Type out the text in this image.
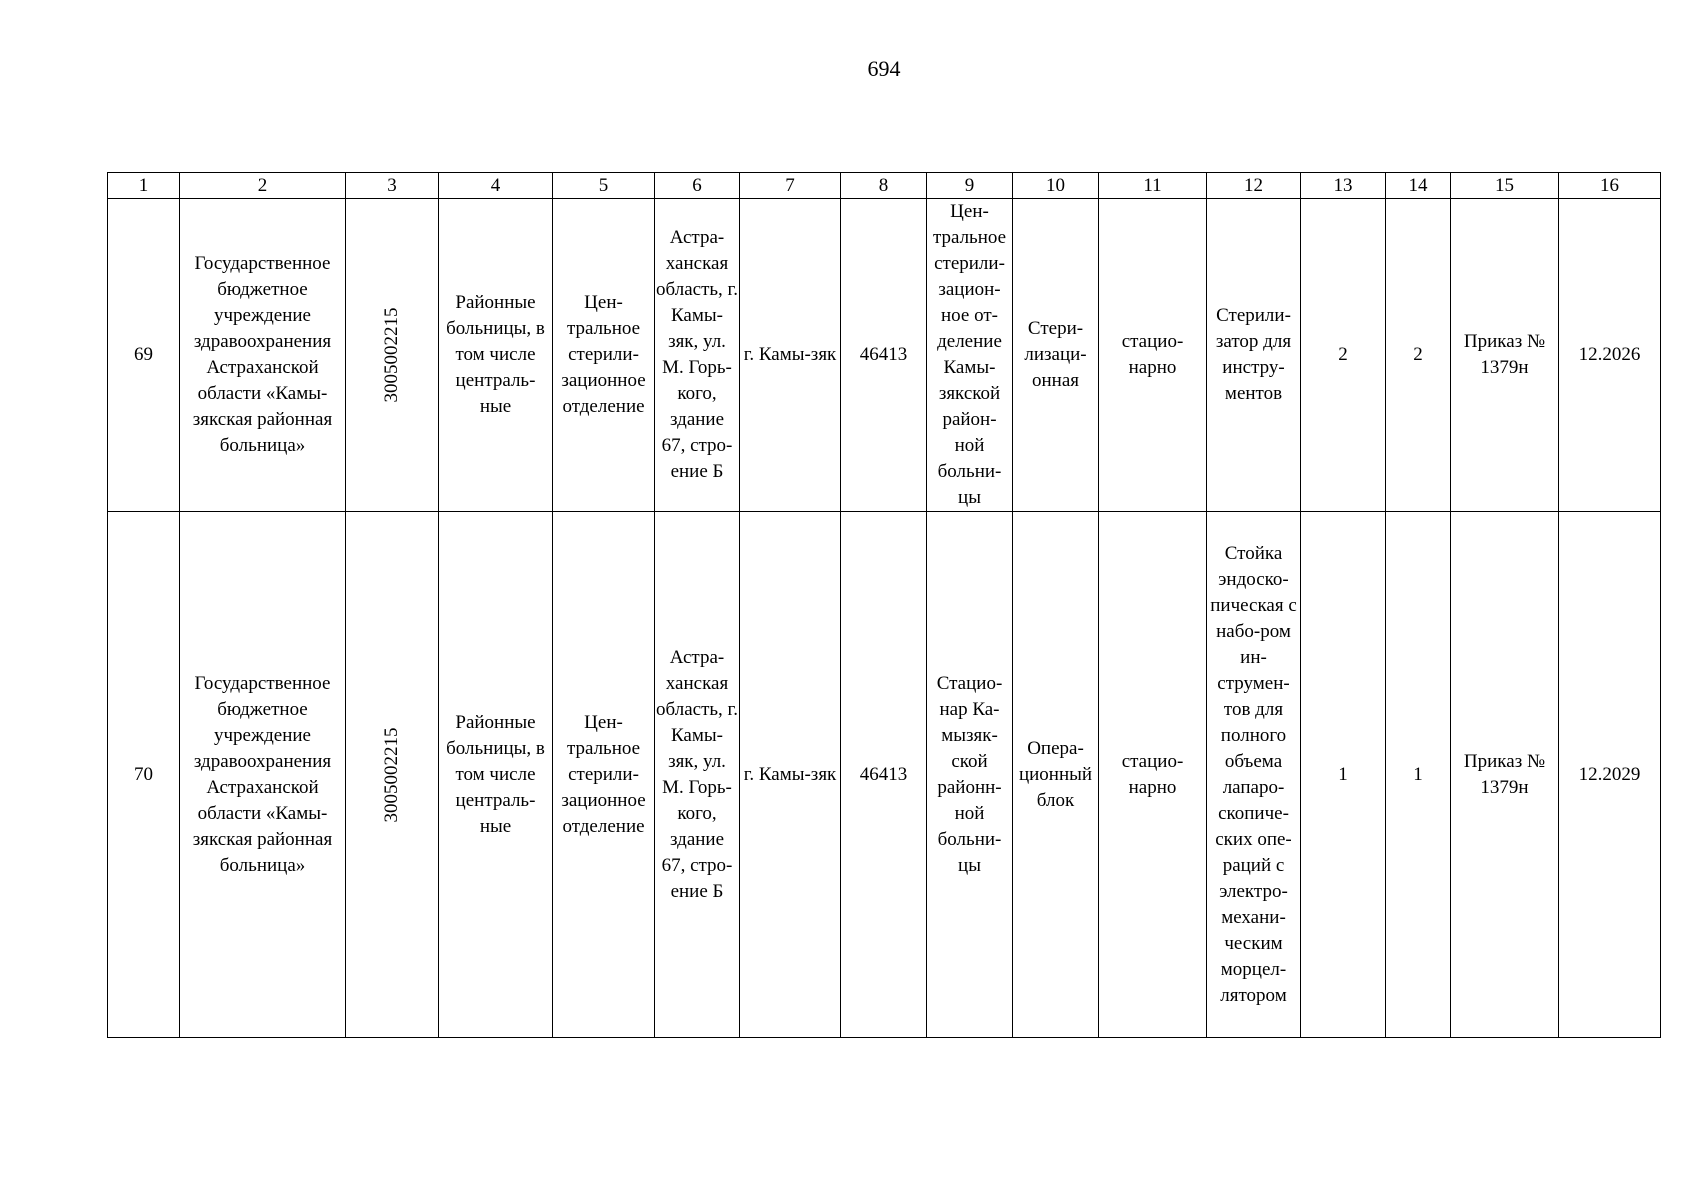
694
1	2	3	4	5	6	7	8	9	10	11	12	13	14	15	16
69	Государственное бюджетное учреждение здравоохранения Астраханской области «Камы-зякская районная больница»	3005002215	Районные больницы, в том числе централь-ные	Цен-тральное стерили-зационное отделение	Астра-ханская область, г. Камы-зяк, ул. М. Горь-кого, здание 67, стро-ение Б	г. Камы-зяк	46413	Цен-тральное стерили-зацион-ное от-деление Камы-зякской район-ной больни-цы	Стери-лизаци-онная	стацио-нарно	Стерили-затор для инстру-ментов	2	2	Приказ № 1379н	12.2026
70	Государственное бюджетное учреждение здравоохранения Астраханской области «Камы-зякская районная больница»	3005002215	Районные больницы, в том числе централь-ные	Цен-тральное стерили-зационное отделение	Астра-ханская область, г. Камы-зяк, ул. М. Горь-кого, здание 67, стро-ение Б	г. Камы-зяк	46413	Стацио-нар Ка-мызяк-ской районн-ной больни-цы	Опера-ционный блок	стацио-нарно	Стойка эндоско-пическая с набо-ром ин-струмен-тов для полного объема лапаро-скопиче-ских опе-раций с электро-механи-ческим морцел-лятором	1	1	Приказ № 1379н	12.2029
